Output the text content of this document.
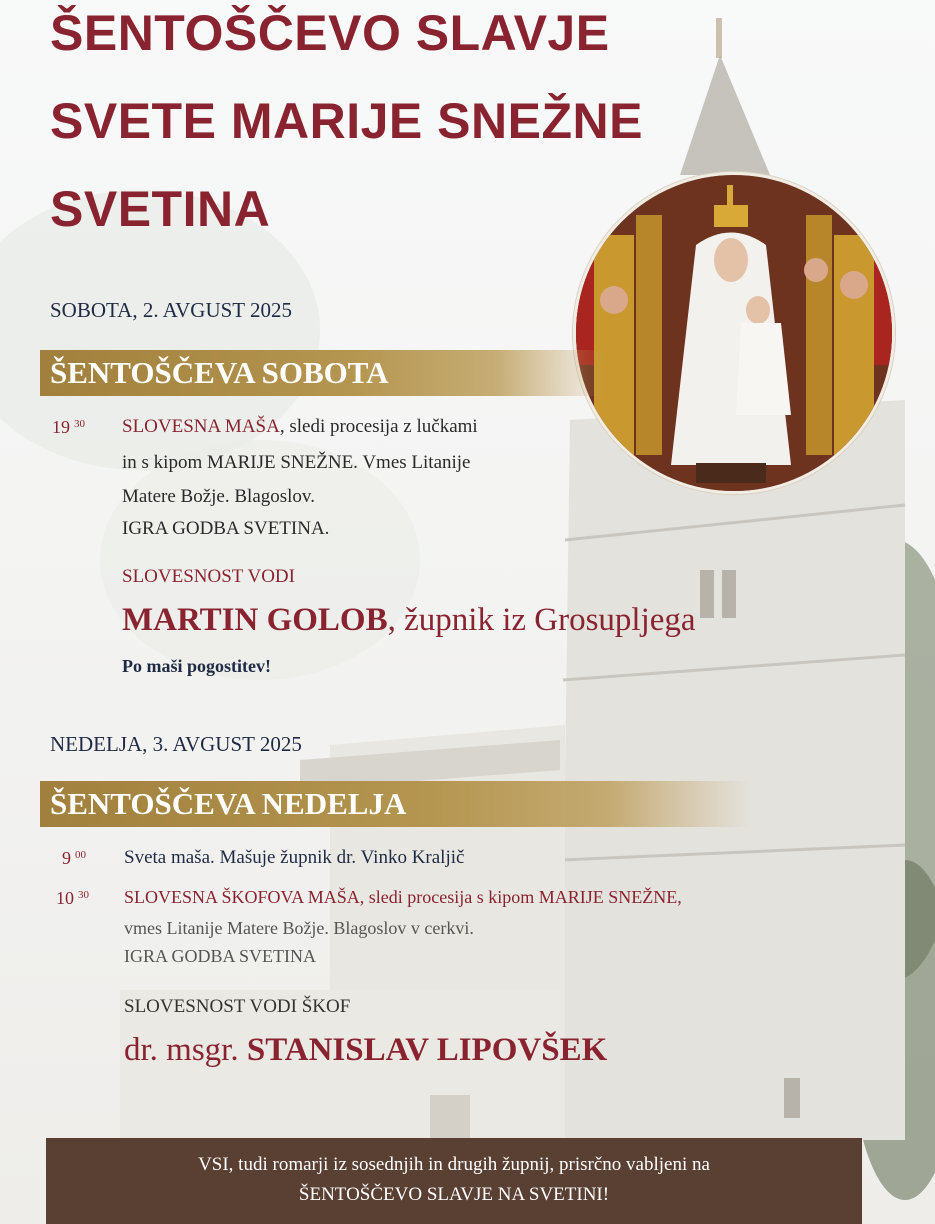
ŠENTOŠČEVO SLAVJE
SVETE MARIJE SNEŽNE
SVETINA
SOBOTA, 2. AVGUST 2025
ŠENTOŠČEVA SOBOTA
19 $^{30}$ SLOVESNA MAŠA, sledi procesija z lučkami
in s kipom MARIJE SNEŽNE. Vmes Litanije
Matere Božje. Blagoslov.
IGRA GODBA SVETINA.
SLOVESNOST VODI
MARTIN GOLOB, župnik iz Grosupljega
Po maši pogostitev!
NEDELJA, 3. AVGUST 2025
ŠENTOŠČEVA NEDELJA
9 $^{00}$ Sveta maša. Mašuje župnik dr. Vinko Kraljič
10 $^{30}$ SLOVESNA ŠKOFOVA MAŠA, sledi procesija s kipom MARIJE SNEŽNE,
vmes Litanije Matere Božje. Blagoslov v cerkvi.
IGRA GODBA SVETINA
SLOVESNOST VODI ŠKOF
dr. msgr. STANISLAV LIPOVŠEK
VSI, tudi romarji iz sosednjih in drugih župnij, prisrčno vabljeni na
ŠENTOŠČEVO SLAVJE NA SVETINI!
